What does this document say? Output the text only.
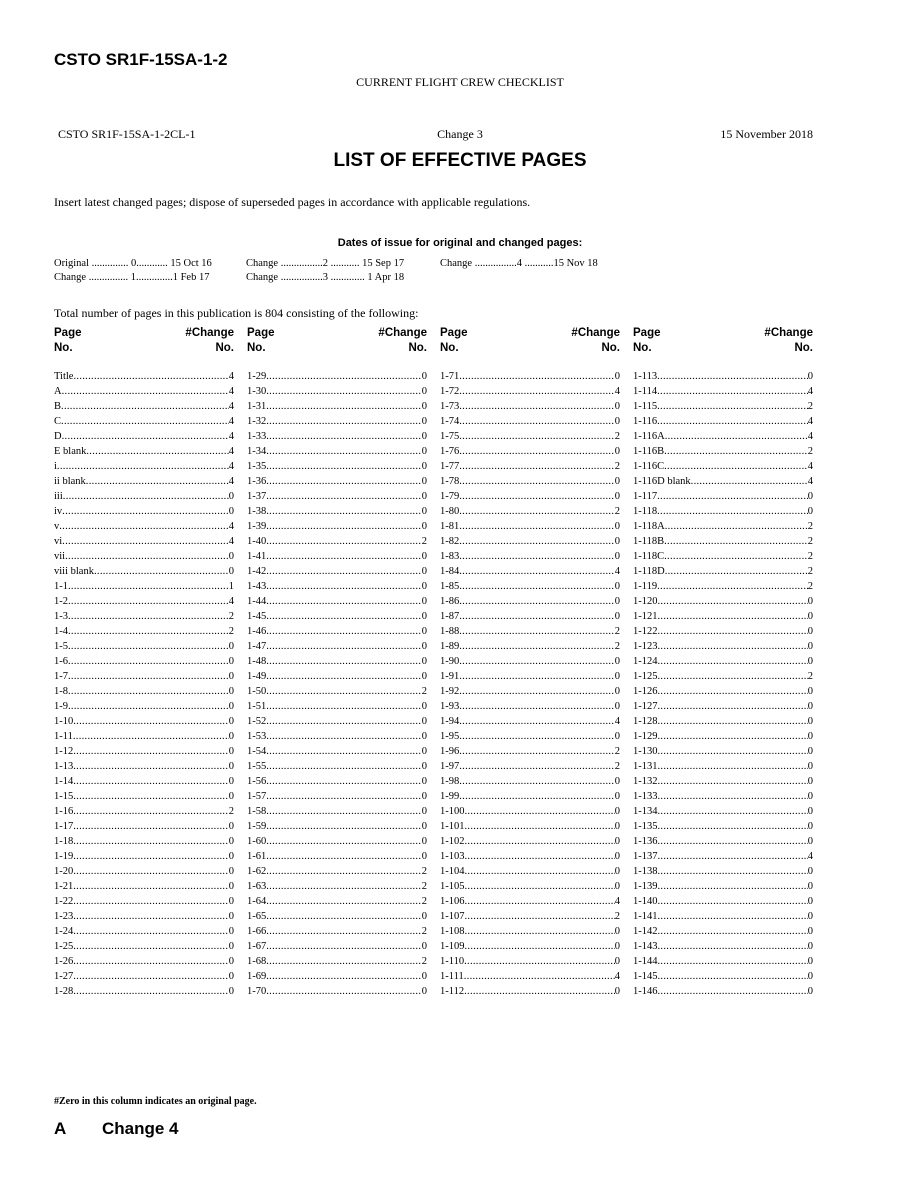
CSTO SR1F-15SA-1-2
CURRENT FLIGHT CREW CHECKLIST
CSTO SR1F-15SA-1-2CL-1	Change 3	15 November 2018
LIST OF EFFECTIVE PAGES
Insert latest changed pages; dispose of superseded pages in accordance with applicable regulations.
Dates of issue for original and changed pages:
Original .............. 0............ 15 Oct 16
Change ............... 1..............1 Feb 17
Change ................2 ........... 15 Sep 17
Change ................3 ............. 1 Apr 18
Change ................4 ...........15 Nov 18
Total number of pages in this publication is 804 consisting of the following:
Page
No.
#Change
No.
Title .....	4
A .....	4
B .....	4
C .....	4
D .....	4
E blank .....	4
i .....	4
ii blank .....	4
iii .....	0
iv .....	0
v .....	4
vi .....	4
vii .....	0
viii blank .....	0
1-1 .....	1
1-2 .....	4
1-3 .....	2
1-4 .....	2
1-5 .....	0
1-6 .....	0
1-7 .....	0
1-8 .....	0
1-9 .....	0
1-10 .....	0
1-11 .....	0
1-12 .....	0
1-13 .....	0
1-14 .....	0
1-15 .....	0
1-16 .....	2
1-17 .....	0
1-18 .....	0
1-19 .....	0
1-20 .....	0
1-21 .....	0
1-22 .....	0
1-23 .....	0
1-24 .....	0
1-25 .....	0
1-26 .....	0
1-27 .....	0
1-28 .....	0
Page
No.
#Change
No.
1-29 .....	0
1-30 .....	0
1-31 .....	0
1-32 .....	0
1-33 .....	0
1-34 .....	0
1-35 .....	0
1-36 .....	0
1-37 .....	0
1-38 .....	0
1-39 .....	0
1-40 .....	2
1-41 .....	0
1-42 .....	0
1-43 .....	0
1-44 .....	0
1-45 .....	0
1-46 .....	0
1-47 .....	0
1-48 .....	0
1-49 .....	0
1-50 .....	2
1-51 .....	0
1-52 .....	0
1-53 .....	0
1-54 .....	0
1-55 .....	0
1-56 .....	0
1-57 .....	0
1-58 .....	0
1-59 .....	0
1-60 .....	0
1-61 .....	0
1-62 .....	2
1-63 .....	2
1-64 .....	2
1-65 .....	0
1-66 .....	2
1-67 .....	0
1-68 .....	2
1-69 .....	0
1-70 .....	0
Page
No.
#Change
No.
1-71 .....	0
1-72 .....	4
1-73 .....	0
1-74 .....	0
1-75 .....	2
1-76 .....	0
1-77 .....	2
1-78 .....	0
1-79 .....	0
1-80 .....	2
1-81 .....	0
1-82 .....	0
1-83 .....	0
1-84 .....	4
1-85 .....	0
1-86 .....	0
1-87 .....	0
1-88 .....	2
1-89 .....	2
1-90 .....	0
1-91 .....	0
1-92 .....	0
1-93 .....	0
1-94 .....	4
1-95 .....	0
1-96 .....	2
1-97 .....	2
1-98 .....	0
1-99 .....	0
1-100 .....	0
1-101 .....	0
1-102 .....	0
1-103 .....	0
1-104 .....	0
1-105 .....	0
1-106 .....	4
1-107 .....	2
1-108 .....	0
1-109 .....	0
1-110 .....	0
1-111 .....	4
1-112 .....	0
Page
No.
#Change
No.
1-113 .....	0
1-114 .....	4
1-115 .....	2
1-116 .....	4
1-116A .....	4
1-116B .....	2
1-116C .....	4
1-116D blank .....	4
1-117 .....	0
1-118 .....	0
1-118A .....	2
1-118B .....	2
1-118C .....	2
1-118D .....	2
1-119 .....	2
1-120 .....	0
1-121 .....	0
1-122 .....	0
1-123 .....	0
1-124 .....	0
1-125 .....	2
1-126 .....	0
1-127 .....	0
1-128 .....	0
1-129 .....	0
1-130 .....	0
1-131 .....	0
1-132 .....	0
1-133 .....	0
1-134 .....	0
1-135 .....	0
1-136 .....	0
1-137 .....	4
1-138 .....	0
1-139 .....	0
1-140 .....	0
1-141 .....	0
1-142 .....	0
1-143 .....	0
1-144 .....	0
1-145 .....	0
1-146 .....	0
#Zero in this column indicates an original page.
A Change 4
